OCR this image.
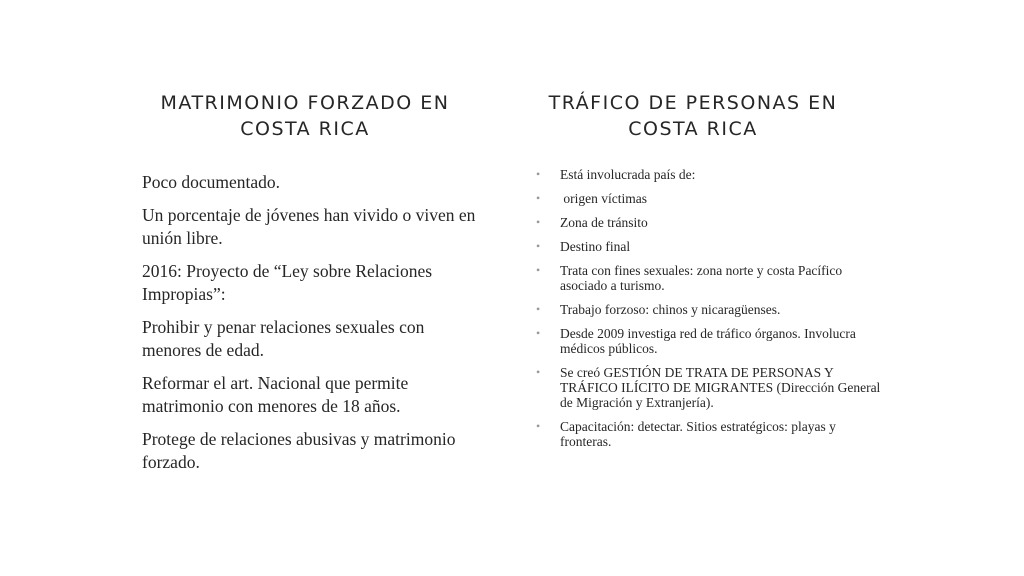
MATRIMONIO FORZADO EN
COSTA RICA
Poco documentado.
Un porcentaje de jóvenes han vivido o viven en unión libre.
2016: Proyecto de “Ley sobre Relaciones Impropias”:
Prohibir y penar relaciones sexuales con menores de edad.
Reformar el art. Nacional que permite matrimonio con menores de 18 años.
Protege de relaciones abusivas y matrimonio forzado.
TRÁFICO DE PERSONAS EN
COSTA RICA
• Está involucrada país de:
• origen víctimas
• Zona de tránsito
• Destino final
• Trata con fines sexuales: zona norte y costa Pacífico asociado a turismo.
• Trabajo forzoso: chinos y nicaragüenses.
• Desde 2009 investiga red de tráfico órganos. Involucra médicos públicos.
• Se creó GESTIÓN DE TRATA DE PERSONAS Y TRÁFICO ILÍCITO DE MIGRANTES (Dirección General de Migración y Extranjería).
• Capacitación: detectar. Sitios estratégicos: playas y fronteras.
